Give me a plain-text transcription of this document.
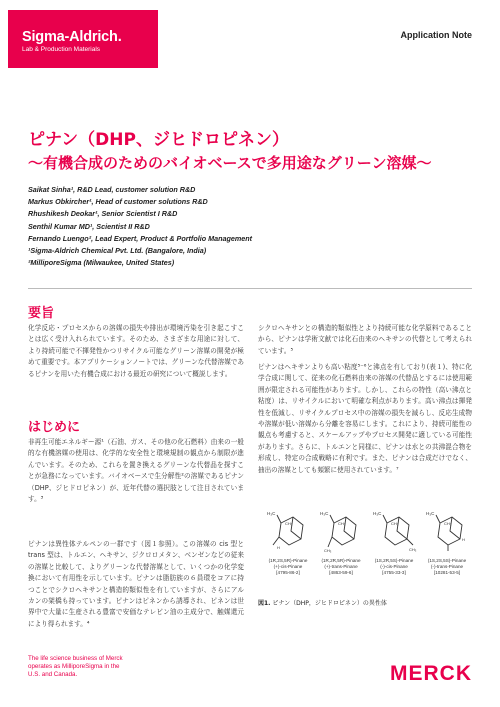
Sigma-Aldrich.
Lab & Production Materials
Application Note
ピナン（DHP、ジヒドロピネン）
〜有機合成のためのバイオベースで多用途なグリーン溶媒〜
Saikat Sinha¹, R&D Lead, customer solution R&D
Markus Obkircher¹, Head of customer solutions R&D
Rhushikesh Deokar¹, Senior Scientist I R&D
Senthil Kumar MD¹, Scientist II R&D
Fernando Luengo², Lead Expert, Product & Portfolio Management
¹Sigma-Aldrich Chemical Pvt. Ltd. (Bangalore, India)
²MilliporeSigma (Milwaukee, United States)
要旨
化学反応・プロセスからの溶媒の損失や排出が環境汚染を引き起こすことは広く受け入れられています。そのため、さまざまな用途に対して、より持続可能で不揮発性かつリサイクル可能なグリーン溶媒の開発が極めて重要です。本アプリケーションノートでは、グリーンな代替溶媒であるピナンを用いた有機合成における最近の研究について概説します。
はじめに
非再生可能エネルギー源¹（石油、ガス、その他の化石燃料）由来の一般的な有機溶媒の使用は、化学的な安全性と環境規制の観点から制限が進んでいます。そのため、これらを置き換えるグリーンな代替品を探すことが急務になっています。バイオベースで生分解性²の溶媒であるピナン（DHP、ジヒドロピネン）が、近年代替の選択肢として注目されています。³
ピナンは異性体テルペンの一群です（図１参照）。この溶媒の cis 型と trans 型は、トルエン、ヘキサン、ジクロロメタン、ベンゼンなどの従来の溶媒と比較して、よりグリーンな代替溶媒として、いくつかの化学変換において有用性を示しています。ピナンは脂肪族の６員環をコアに持つことでシクロヘキサンと構造的類似性を有していますが、さらにアルカンの架橋も持っています。ピナンはピネンから誘導され、ピネンは世界中で大量に生産される豊富で安価なテレビン油の主成分で、触媒還元により得られます。⁴
シクロヘキサンとの構造的類似性とより持続可能な化学原料であることから、ピナンは学術文献では化石由来のヘキサンの代替として考えられています。⁵
ピナンはヘキサンよりも高い粘度⁵⁻⁶と沸点を有しており(表１)、特に化学合成に関して、従来の化石燃料由来の溶媒の代替品とするには使用範囲が限定される可能性があります。しかし、これらの特性（高い沸点と粘度）は、リサイクルにおいて明確な利点があります。高い沸点は揮発性を低減し、リサイクルプロセス中の溶媒の損失を減らし、反応生成物や溶媒が低い溶媒から分離を容易にします。これにより、持続可能性の観点も考慮すると、スケールアップやプロセス開発に適している可能性があります。さらに、トルエンと同様に、ピナンは水との共沸混合物を形成し、特定の合成戦略に有利です。また、ピナンは合成だけでなく、抽出の溶媒としても頻繁に使用されています。⁷
H₃C
CH₃
H
H₃C
CH₃
CH₃
H₃C
CH₃
CH₃
H₃C
CH₃
H
(1R,2S,5R)-Pinane
(+)-cis-Pinane
[4795-86-2]
(1R,2R,5R)-Pinane
(+)-trans-Pinane
[4863-59-6]
(1S,2R,5S)-Pinane
(-)-cis-Pinane
[4755-33-3]
(1S,2S,5S)-Pinane
(-)-trans-Pinane
[10281-53-5]
図1. ピナン（DHP，ジヒドロピネン）の異性体
The life science business of Merck
operates as MilliporeSigma in the
U.S. and Canada.	MERCK
